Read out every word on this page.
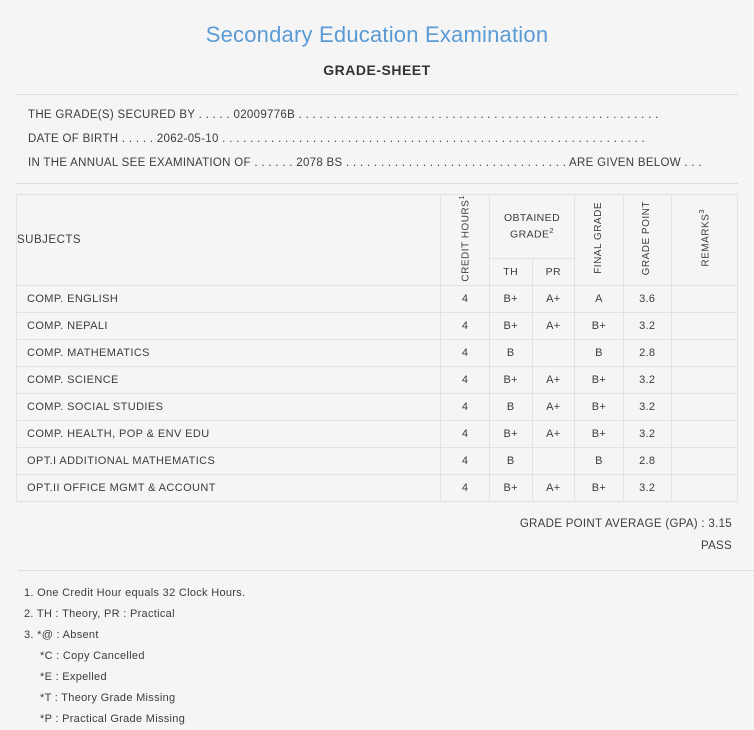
Secondary Education Examination
GRADE-SHEET
THE GRADE(S) SECURED BY . . . . . 02009776B . . . . . . . . . . . . . . . . . . . . . . . . . . . . . . . . . . . . . . . . . . . . . . . . . . . .
DATE OF BIRTH . . . . . 2062-05-10 . . . . . . . . . . . . . . . . . . . . . . . . . . . . . . . . . . . . . . . . . . . . . . . . . . . . . . . . . . . . .
IN THE ANNUAL SEE EXAMINATION OF . . . . . . 2078 BS . . . . . . . . . . . . . . . . . . . . . . . . . . . . . . . . ARE GIVEN BELOW . . .
SUBJECTS	CREDIT HOURS$^1$	OBTAINED GRADE$^2$		FINAL GRADE	GRADE POINT	REMARKS$^3$
		TH	PR			
COMP. ENGLISH	4	B+	A+	A	3.6	
COMP. NEPALI	4	B+	A+	B+	3.2	
COMP. MATHEMATICS	4	B		B	2.8	
COMP. SCIENCE	4	B+	A+	B+	3.2	
COMP. SOCIAL STUDIES	4	B	A+	B+	3.2	
COMP. HEALTH, POP & ENV EDU	4	B+	A+	B+	3.2	
OPT.I ADDITIONAL MATHEMATICS	4	B		B	2.8	
OPT.II OFFICE MGMT & ACCOUNT	4	B+	A+	B+	3.2	
GRADE POINT AVERAGE (GPA) : 3.15
PASS
1. One Credit Hour equals 32 Clock Hours.
2. TH : Theory, PR : Practical
3. *@ : Absent
*C : Copy Cancelled
*E : Expelled
*T : Theory Grade Missing
*P : Practical Grade Missing
